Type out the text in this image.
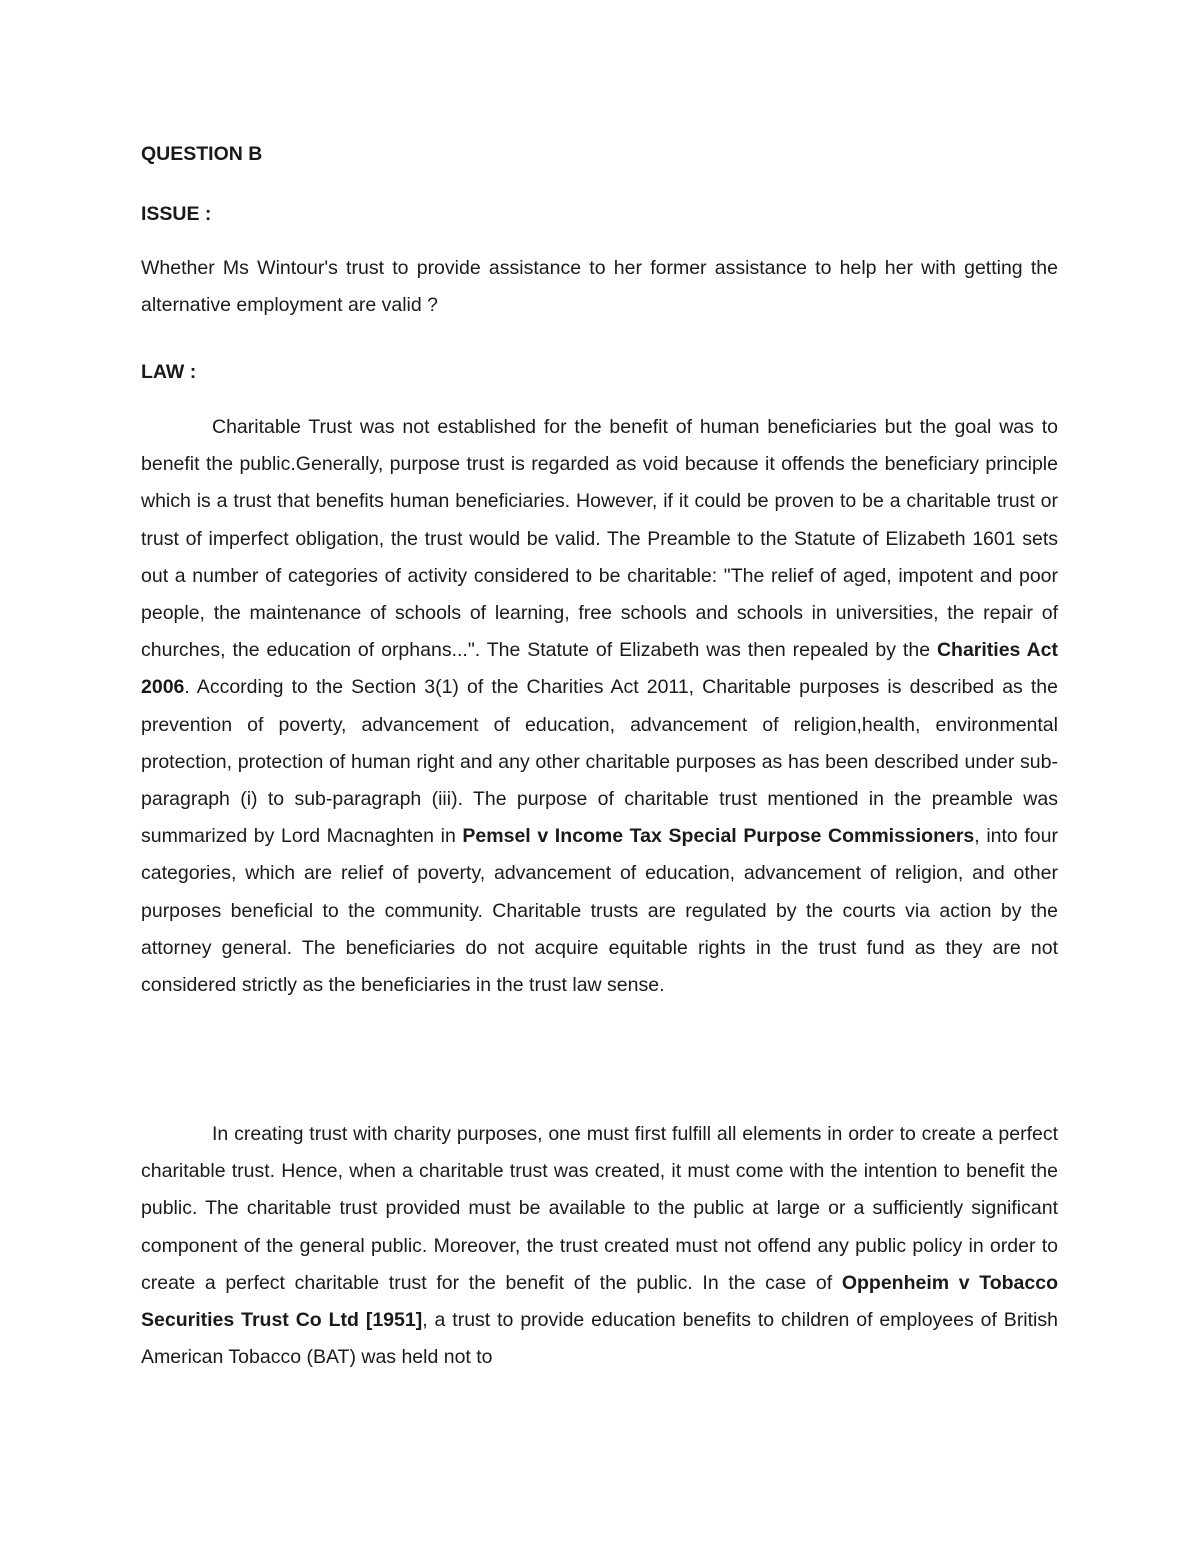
QUESTION B
ISSUE :

Whether Ms Wintour's trust to provide assistance to her former assistance to help her with getting the alternative employment are valid ?

LAW :

Charitable Trust was not established for the benefit of human beneficiaries but the goal was to benefit the public.Generally, purpose trust is regarded as void because it offends the beneficiary principle which is a trust that benefits human beneficiaries. However, if it could be proven to be a charitable trust or trust of imperfect obligation, the trust would be valid. The Preamble to the Statute of Elizabeth 1601 sets out a number of categories of activity considered to be charitable: "The relief of aged, impotent and poor people, the maintenance of schools of learning, free schools and schools in universities, the repair of churches, the education of orphans...". The Statute of Elizabeth was then repealed by the Charities Act 2006. According to the Section 3(1) of the Charities Act 2011, Charitable purposes is described as the prevention of poverty, advancement of education, advancement of religion,health, environmental protection, protection of human right and any other charitable purposes as has been described under sub-paragraph (i) to sub-paragraph (iii). The purpose of charitable trust mentioned in the preamble was summarized by Lord Macnaghten in Pemsel v Income Tax Special Purpose Commissioners, into four categories, which are relief of poverty, advancement of education, advancement of religion, and other purposes beneficial to the community. Charitable trusts are regulated by the courts via action by the attorney general. The beneficiaries do not acquire equitable rights in the trust fund as they are not considered strictly as the beneficiaries in the trust law sense.

In creating trust with charity purposes, one must first fulfill all elements in order to create a perfect charitable trust. Hence, when a charitable trust was created, it must come with the intention to benefit the public. The charitable trust provided must be available to the public at large or a sufficiently significant component of the general public. Moreover, the trust created must not offend any public policy in order to create a perfect charitable trust for the benefit of the public. In the case of Oppenheim v Tobacco Securities Trust Co Ltd [1951], a trust to provide education benefits to children of employees of British American Tobacco (BAT) was held not to
